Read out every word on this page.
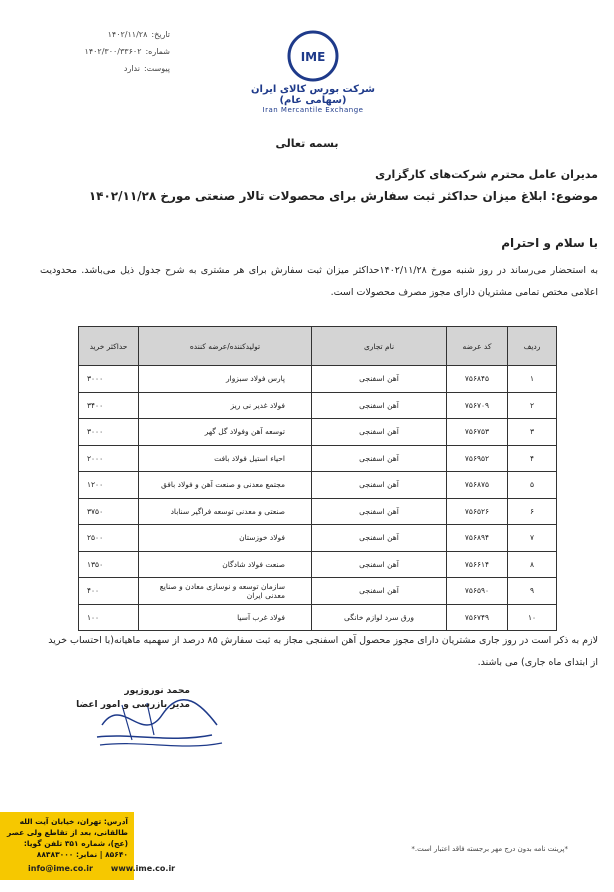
تاریخ:
۱۴۰۲/۱۱/۲۸
شماره:
۱۴۰۲/۳۰۰/۳۳۶۰۲
پیوست:
ندارد
IME
شرکت بورس کالای ایران (سهامی عام)
Iran Mercantile Exchange
بسمه تعالی
مدیران عامل محترم شرکت‌های کارگزاری
موضوع: ابلاغ میزان حداکثر ثبت سفارش برای محصولات تالار صنعتی مورخ ۱۴۰۲/۱۱/۲۸
با سلام و احترام
به استحضار می‌رساند در روز شنبه مورخ ۱۴۰۲/۱۱/۲۸حداکثر میزان ثبت سفارش برای هر مشتری به شرح جدول ذیل می‌باشد. محدودیت اعلامی مختص تمامی مشتریان دارای مجوز مصرف محصولات است.
ردیف	کد عرضه	نام تجاری	تولیدکننده/عرضه کننده	حداکثر خرید
۱	۷۵۶۸۴۵	آهن اسفنجی	پارس فولاد سبزوار	۳۰۰۰
۲	۷۵۶۷۰۹	آهن اسفنجی	فولاد غدیر نی ریز	۳۴۰۰
۳	۷۵۶۷۵۳	آهن اسفنجی	توسعه آهن وفولاد گل گهر	۳۰۰۰
۴	۷۵۶۹۵۲	آهن اسفنجی	احیاء استیل فولاد بافت	۲۰۰۰
۵	۷۵۶۸۷۵	آهن اسفنجی	مجتمع معدنی و صنعت آهن و فولاد بافق	۱۲۰۰
۶	۷۵۶۵۲۶	آهن اسفنجی	صنعتی و معدنی توسعه فراگیر سناباد	۳۷۵۰
۷	۷۵۶۸۹۴	آهن اسفنجی	فولاد خوزستان	۲۵۰۰
۸	۷۵۶۶۱۴	آهن اسفنجی	صنعت فولاد شادگان	۱۳۵۰
۹	۷۵۶۵۹۰	آهن اسفنجی	سازمان توسعه و نوسازی معادن و صنایع معدنی ایران	۴۰۰
۱۰	۷۵۶۷۴۹	ورق سرد لوازم خانگی	فولاد غرب آسیا	۱۰۰
لازم به ذکر است در روز جاری مشتریان دارای مجوز محصول آهن اسفنجی مجاز به ثبت سفارش ۸۵ درصد از سهمیه ماهیانه(با احتساب خرید از ابتدای ماه جاری) می باشند.
محمد نوروزپور
مدیر بازرسی و امور اعضا
آدرس: تهران، خیابان آیت الله طالقانی، بعد از تقاطع ولی عصر (عج)، شماره ۳۵۱ تلفن گویا: ۸۵۶۴۰ | نمابر: ۸۸۳۸۳۰۰۰
info@ime.co.ir www.ime.co.ir
*پرینت نامه بدون درج مهر برجسته فاقد اعتبار است.*
